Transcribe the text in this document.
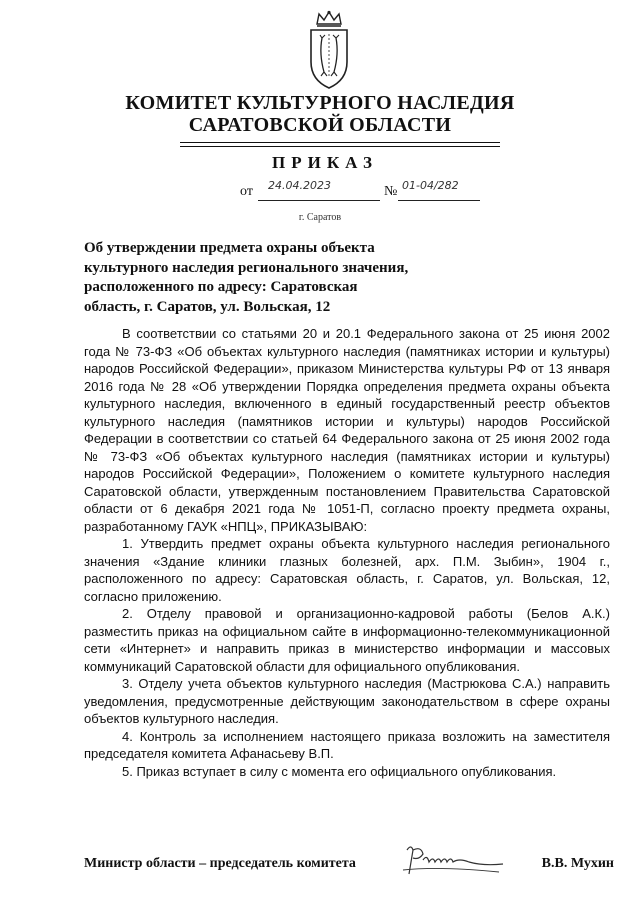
КОМИТЕТ КУЛЬТУРНОГО НАСЛЕДИЯ
САРАТОВСКОЙ ОБЛАСТИ
ПРИКАЗ
от 24.04.2023	№ 01-04/282
г. Саратов
Об утверждении предмета охраны объекта
культурного наследия регионального значения,
расположенного по адресу: Саратовская
область, г. Саратов, ул. Вольская, 12

В соответствии со статьями 20 и 20.1 Федерального закона от 25 июня 2002 года № 73-ФЗ «Об объектах культурного наследия (памятниках истории и культуры) народов Российской Федерации», приказом Министерства культуры РФ от 13 января 2016 года № 28 «Об утверждении Порядка определения предмета охраны объекта культурного наследия, включенного в единый государственный реестр объектов культурного наследия (памятников истории и культуры) народов Российской Федерации в соответствии со статьей 64 Федерального закона от 25 июня 2002 года № 73-ФЗ «Об объектах культурного наследия (памятниках истории и культуры) народов Российской Федерации», Положением о комитете культурного наследия Саратовской области, утвержденным постановлением Правительства Саратовской области от 6 декабря 2021 года № 1051-П, согласно проекту предмета охраны, разработанному ГАУК «НПЦ», ПРИКАЗЫВАЮ:

1. Утвердить предмет охраны объекта культурного наследия регионального значения «Здание клиники глазных болезней, арх. П.М. Зыбин», 1904 г., расположенного по адресу: Саратовская область, г. Саратов, ул. Вольская, 12, согласно приложению.

2. Отделу правовой и организационно-кадровой работы (Белов А.К.) разместить приказ на официальном сайте в информационно-телекоммуникационной сети «Интернет» и направить приказ в министерство информации и массовых коммуникаций Саратовской области для официального опубликования.

3. Отделу учета объектов культурного наследия (Мастрюкова С.А.) направить уведомления, предусмотренные действующим законодательством в сфере охраны объектов культурного наследия.

4. Контроль за исполнением настоящего приказа возложить на заместителя председателя комитета Афанасьеву В.П.

5. Приказ вступает в силу с момента его официального опубликования.

Министр области – председатель комитета	В.В. Мухин
